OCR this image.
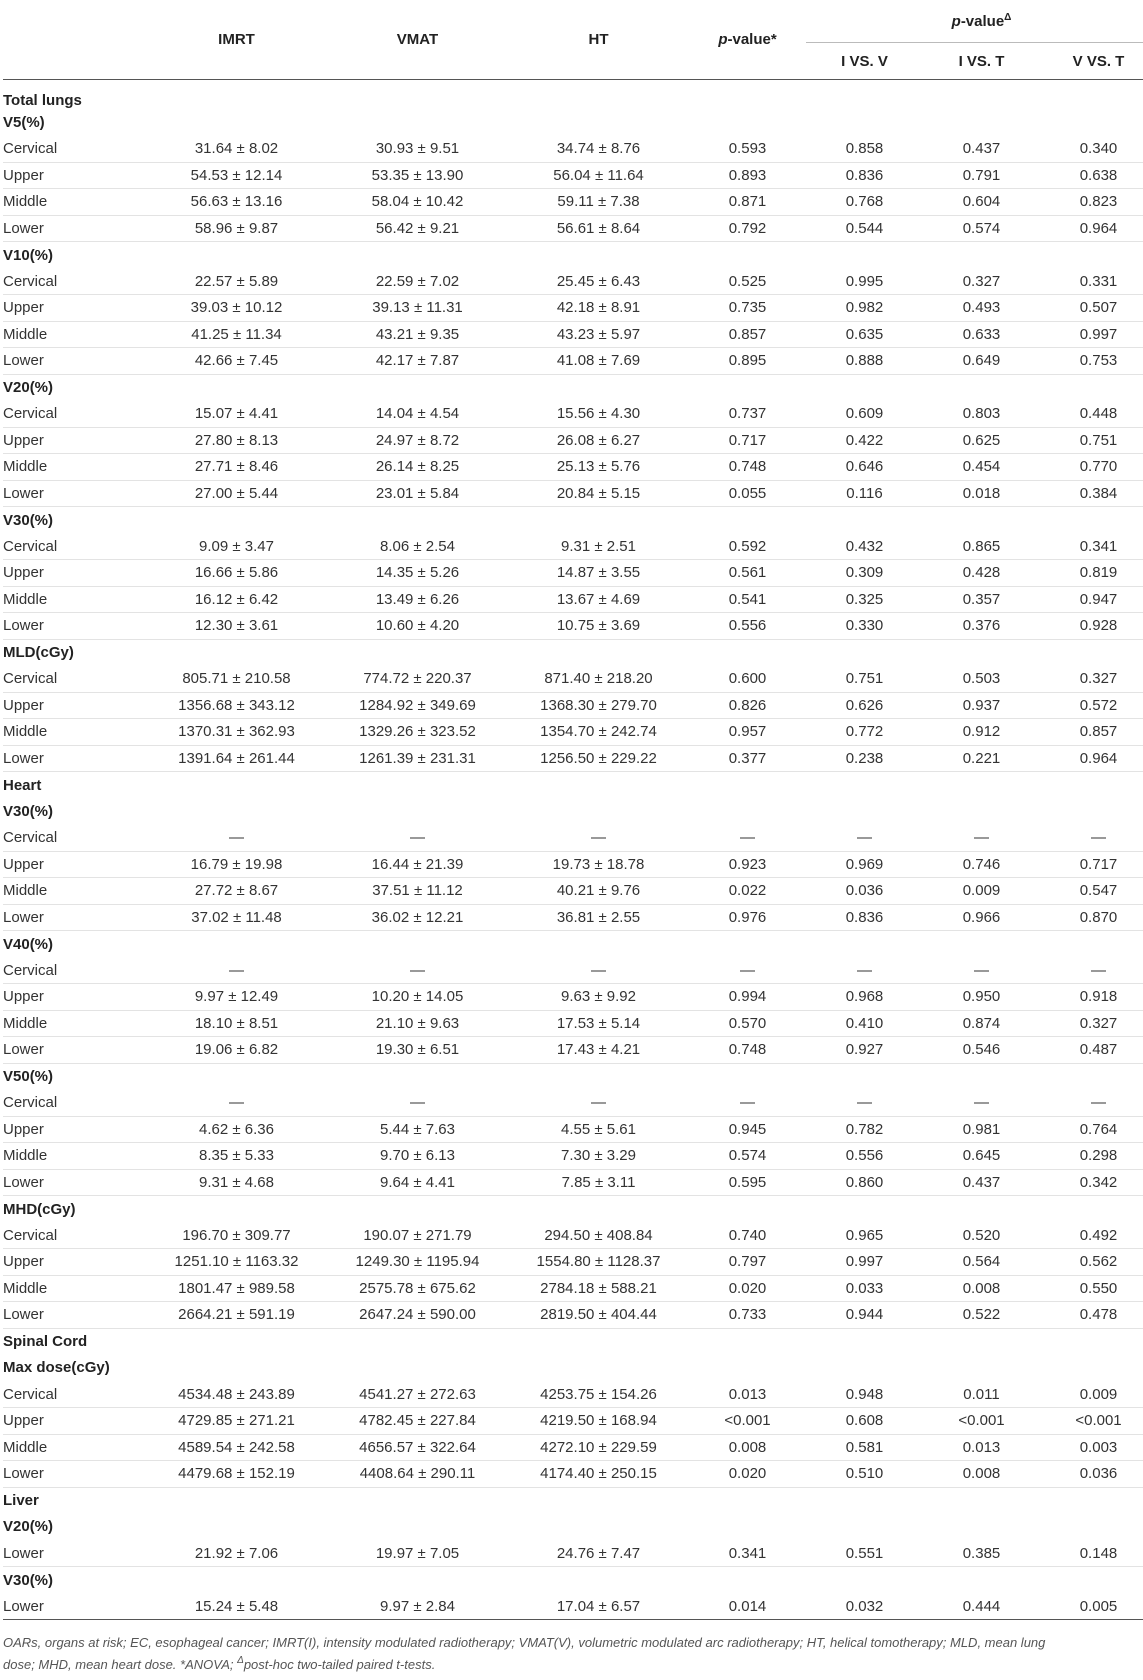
	IMRT	VMAT	HT	p-value*	p-value$^\Delta$
					I VS. V	I VS. T	V VS. T
Total lungs							
V5(%)							
Cervical	31.64 ± 8.02	30.93 ± 9.51	34.74 ± 8.76	0.593	0.858	0.437	0.340
Upper	54.53 ± 12.14	53.35 ± 13.90	56.04 ± 11.64	0.893	0.836	0.791	0.638
Middle	56.63 ± 13.16	58.04 ± 10.42	59.11 ± 7.38	0.871	0.768	0.604	0.823
Lower	58.96 ± 9.87	56.42 ± 9.21	56.61 ± 8.64	0.792	0.544	0.574	0.964
V10(%)							
Cervical	22.57 ± 5.89	22.59 ± 7.02	25.45 ± 6.43	0.525	0.995	0.327	0.331
Upper	39.03 ± 10.12	39.13 ± 11.31	42.18 ± 8.91	0.735	0.982	0.493	0.507
Middle	41.25 ± 11.34	43.21 ± 9.35	43.23 ± 5.97	0.857	0.635	0.633	0.997
Lower	42.66 ± 7.45	42.17 ± 7.87	41.08 ± 7.69	0.895	0.888	0.649	0.753
V20(%)							
Cervical	15.07 ± 4.41	14.04 ± 4.54	15.56 ± 4.30	0.737	0.609	0.803	0.448
Upper	27.80 ± 8.13	24.97 ± 8.72	26.08 ± 6.27	0.717	0.422	0.625	0.751
Middle	27.71 ± 8.46	26.14 ± 8.25	25.13 ± 5.76	0.748	0.646	0.454	0.770
Lower	27.00 ± 5.44	23.01 ± 5.84	20.84 ± 5.15	0.055	0.116	0.018	0.384
V30(%)							
Cervical	9.09 ± 3.47	8.06 ± 2.54	9.31 ± 2.51	0.592	0.432	0.865	0.341
Upper	16.66 ± 5.86	14.35 ± 5.26	14.87 ± 3.55	0.561	0.309	0.428	0.819
Middle	16.12 ± 6.42	13.49 ± 6.26	13.67 ± 4.69	0.541	0.325	0.357	0.947
Lower	12.30 ± 3.61	10.60 ± 4.20	10.75 ± 3.69	0.556	0.330	0.376	0.928
MLD(cGy)							
Cervical	805.71 ± 210.58	774.72 ± 220.37	871.40 ± 218.20	0.600	0.751	0.503	0.327
Upper	1356.68 ± 343.12	1284.92 ± 349.69	1368.30 ± 279.70	0.826	0.626	0.937	0.572
Middle	1370.31 ± 362.93	1329.26 ± 323.52	1354.70 ± 242.74	0.957	0.772	0.912	0.857
Lower	1391.64 ± 261.44	1261.39 ± 231.31	1256.50 ± 229.22	0.377	0.238	0.221	0.964
Heart							
V30(%)							
Cervical	—	—	—	—	—	—	—
Upper	16.79 ± 19.98	16.44 ± 21.39	19.73 ± 18.78	0.923	0.969	0.746	0.717
Middle	27.72 ± 8.67	37.51 ± 11.12	40.21 ± 9.76	0.022	0.036	0.009	0.547
Lower	37.02 ± 11.48	36.02 ± 12.21	36.81 ± 2.55	0.976	0.836	0.966	0.870
V40(%)							
Cervical	—	—	—	—	—	—	—
Upper	9.97 ± 12.49	10.20 ± 14.05	9.63 ± 9.92	0.994	0.968	0.950	0.918
Middle	18.10 ± 8.51	21.10 ± 9.63	17.53 ± 5.14	0.570	0.410	0.874	0.327
Lower	19.06 ± 6.82	19.30 ± 6.51	17.43 ± 4.21	0.748	0.927	0.546	0.487
V50(%)							
Cervical	—	—	—	—	—	—	—
Upper	4.62 ± 6.36	5.44 ± 7.63	4.55 ± 5.61	0.945	0.782	0.981	0.764
Middle	8.35 ± 5.33	9.70 ± 6.13	7.30 ± 3.29	0.574	0.556	0.645	0.298
Lower	9.31 ± 4.68	9.64 ± 4.41	7.85 ± 3.11	0.595	0.860	0.437	0.342
MHD(cGy)							
Cervical	196.70 ± 309.77	190.07 ± 271.79	294.50 ± 408.84	0.740	0.965	0.520	0.492
Upper	1251.10 ± 1163.32	1249.30 ± 1195.94	1554.80 ± 1128.37	0.797	0.997	0.564	0.562
Middle	1801.47 ± 989.58	2575.78 ± 675.62	2784.18 ± 588.21	0.020	0.033	0.008	0.550
Lower	2664.21 ± 591.19	2647.24 ± 590.00	2819.50 ± 404.44	0.733	0.944	0.522	0.478
Spinal Cord							
Max dose(cGy)							
Cervical	4534.48 ± 243.89	4541.27 ± 272.63	4253.75 ± 154.26	0.013	0.948	0.011	0.009
Upper	4729.85 ± 271.21	4782.45 ± 227.84	4219.50 ± 168.94	<0.001	0.608	<0.001	<0.001
Middle	4589.54 ± 242.58	4656.57 ± 322.64	4272.10 ± 229.59	0.008	0.581	0.013	0.003
Lower	4479.68 ± 152.19	4408.64 ± 290.11	4174.40 ± 250.15	0.020	0.510	0.008	0.036
Liver							
V20(%)							
Lower	21.92 ± 7.06	19.97 ± 7.05	24.76 ± 7.47	0.341	0.551	0.385	0.148
V30(%)							
Lower	15.24 ± 5.48	9.97 ± 2.84	17.04 ± 6.57	0.014	0.032	0.444	0.005
OARs, organs at risk; EC, esophageal cancer; IMRT(I), intensity modulated radiotherapy; VMAT(V), volumetric modulated arc radiotherapy; HT, helical tomotherapy; MLD, mean lung
dose; MHD, mean heart dose. *ANOVA; $^\Delta$post-hoc two-tailed paired t-tests.
